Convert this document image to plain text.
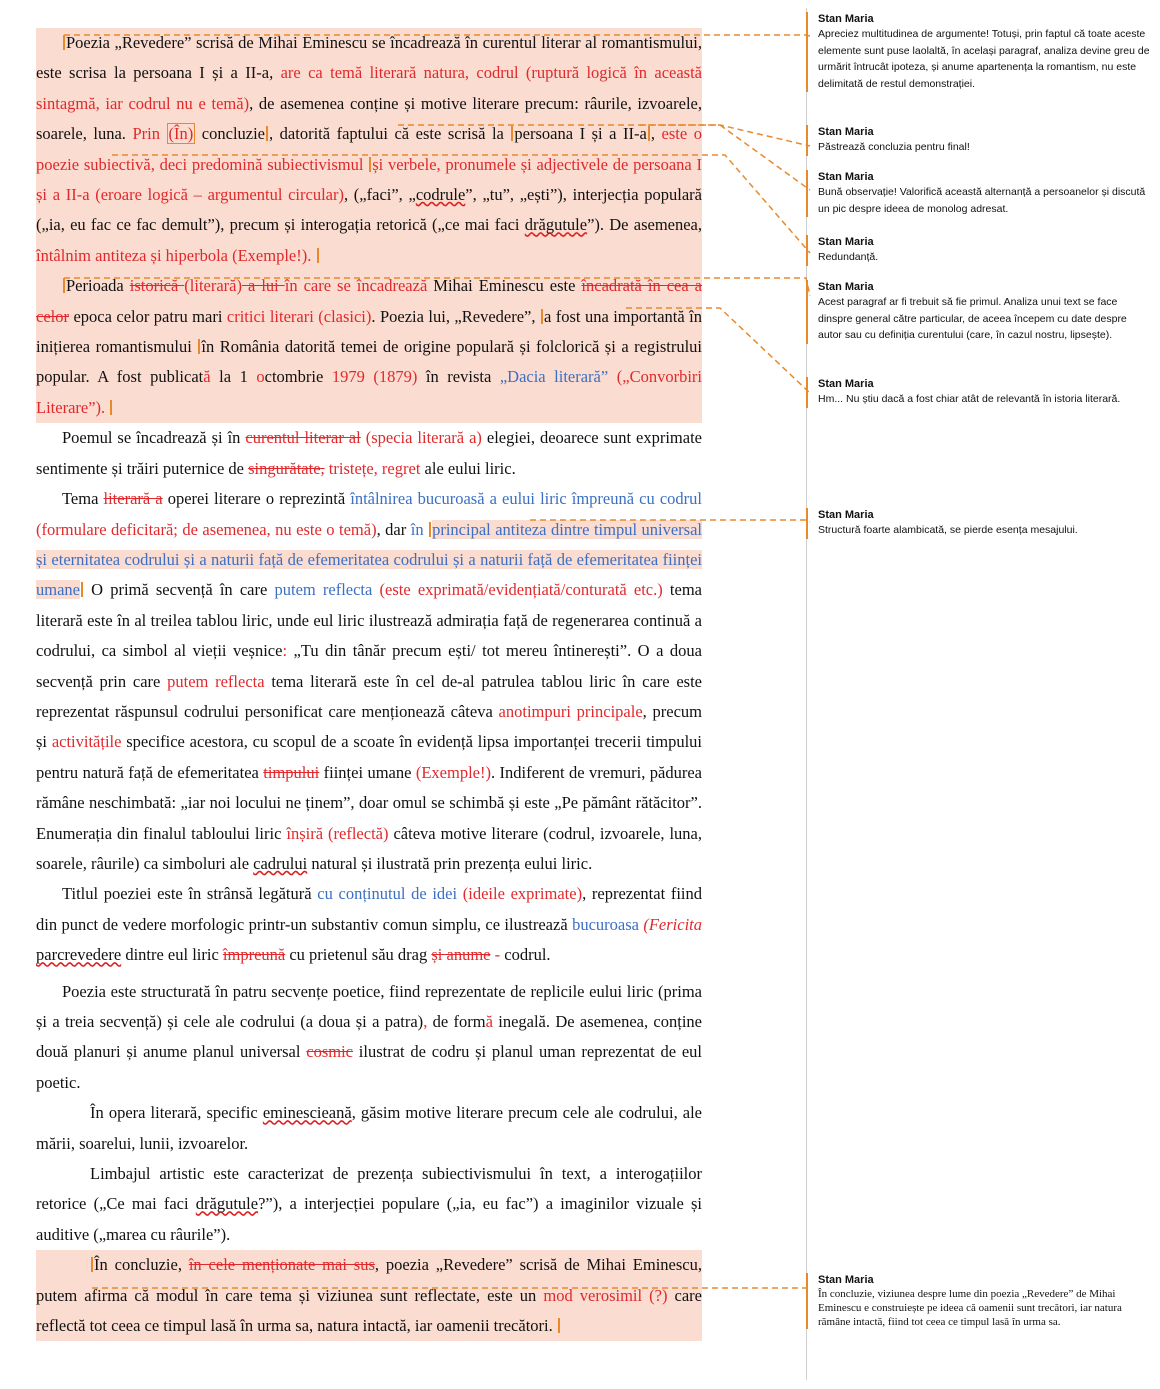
Poezia „Revedere” scrisă de Mihai Eminescu se încadrează în curentul literar al romantismului, este scrisa la persoana I și a II-a, are ca temă literară natura, codrul (ruptură logică în această sintagmă, iar codrul nu e temă), de asemenea conține și motive literare precum: râurile, izvoarele, soarele, luna. Prin (În) concluzie , datorită faptului că este scrisă la persoana I și a II-a , este o poezie subiectivă, deci predomină subiectivismul și verbele, pronumele și adjectivele de persoana I și a II-a (eroare logică – argumentul circular), („faci”, „codrule”, „tu”, „ești”), interjecția populară („ia, eu fac ce fac demult”), precum și interogația retorică („ce mai faci drăgutule”). De asemenea, întâlnim antiteza și hiperbola (Exemple!).

Perioada istorică (literară) a lui în care se încadrează Mihai Eminescu este încadrată în cea a celor epoca celor patru mari critici literari (clasici). Poezia lui, „Revedere”, a fost una importantă în inițierea romantismului în România datorită temei de origine populară și folclorică și a registrului popular. A fost publicată la 1 octombrie 1979 (1879) în revista „Dacia literară” („Convorbiri Literare”).

Poemul se încadrează și în curentul literar al (specia literară a) elegiei, deoarece sunt exprimate sentimente și trăiri puternice de singurătate, tristețe, regret ale eului liric.

Tema literară a operei literare o reprezintă întâlnirea bucuroasă a eului liric împreună cu codrul (formulare deficitară; de asemenea, nu este o temă), dar în principal antiteza dintre timpul universal și eternitatea codrului și a naturii față de efemeritatea codrului și a naturii față de efemeritatea ființei umane O primă secvență în care putem reflecta (este exprimată/evidențiată/conturată etc.) tema literară este în al treilea tablou liric, unde eul liric ilustrează admirația față de regenerarea continuă a codrului, ca simbol al vieții veșnice: „Tu din tânăr precum ești/ tot mereu întinerești”. O a doua secvență prin care putem reflecta tema literară este în cel de-al patrulea tablou liric în care este reprezentat răspunsul codrului personificat care menționează câteva anotimpuri principale, precum și activitățile specifice acestora, cu scopul de a scoate în evidență lipsa importanței trecerii timpului pentru natură față de efemeritatea timpului ființei umane (Exemple!). Indiferent de vremuri, pădurea rămâne neschimbată: „iar noi locului ne ținem”, doar omul se schimbă și este „Pe pământ rătăcitor”. Enumerația din finalul tabloului liric înșiră (reflectă) câteva motive literare (codrul, izvoarele, luna, soarele, râurile) ca simboluri ale cadrului natural și ilustrată prin prezența eului liric.

Titlul poeziei este în strânsă legătură cu conținutul de idei (ideile exprimate), reprezentat fiind din punct de vedere morfologic printr-un substantiv comun simplu, ce ilustrează bucuroasa (Fericita parcrevedere dintre eul liric împreună cu prietenul său drag și anume - codrul.

Poezia este structurată în patru secvențe poetice, fiind reprezentate de replicile eului liric (prima și a treia secvență) și cele ale codrului (a doua și a patra), de formă inegală. De asemenea, conține două planuri și anume planul universal cosmic ilustrat de codru și planul uman reprezentat de eul poetic.

În opera literară, specific eminescieană, găsim motive literare precum cele ale codrului, ale mării, soarelui, lunii, izvoarelor.

Limbajul artistic este caracterizat de prezența subiectivismului în text, a interogațiilor retorice („Ce mai faci drăgutule?”), a interjecției populare („ia, eu fac”) a imaginilor vizuale și auditive („marea cu râurile”).

În concluzie, în cele menționate mai sus, poezia „Revedere” scrisă de Mihai Eminescu, putem afirma că modul în care tema și viziunea sunt reflectate, este un mod verosimil (?) care reflectă tot ceea ce timpul lasă în urma sa, natura intactă, iar oamenii trecători.

Stan Maria
Apreciez multitudinea de argumente! Totuși, prin faptul că toate aceste elemente sunt puse laolaltă, în același paragraf, analiza devine greu de urmărit întrucât ipoteza, și anume apartenența la romantism, nu este delimitată de restul demonstrației.
Stan Maria
Păstrează concluzia pentru final!
Stan Maria
Bună observație! Valorifică această alternanță a persoanelor și discută un pic despre ideea de monolog adresat.
Stan Maria
Redundanță.
Stan Maria
Acest paragraf ar fi trebuit să fie primul. Analiza unui text se face dinspre general către particular, de aceea începem cu date despre autor sau cu definiția curentului (care, în cazul nostru, lipsește).
Stan Maria
Hm... Nu știu dacă a fost chiar atât de relevantă în istoria literară.
Stan Maria
Structură foarte alambicată, se pierde esența mesajului.
Stan Maria
În concluzie, viziunea despre lume din poezia „Revedere” de Mihai Eminescu e construiește pe ideea că oamenii sunt trecători, iar natura rămâne intactă, fiind tot ceea ce timpul lasă în urma sa.
